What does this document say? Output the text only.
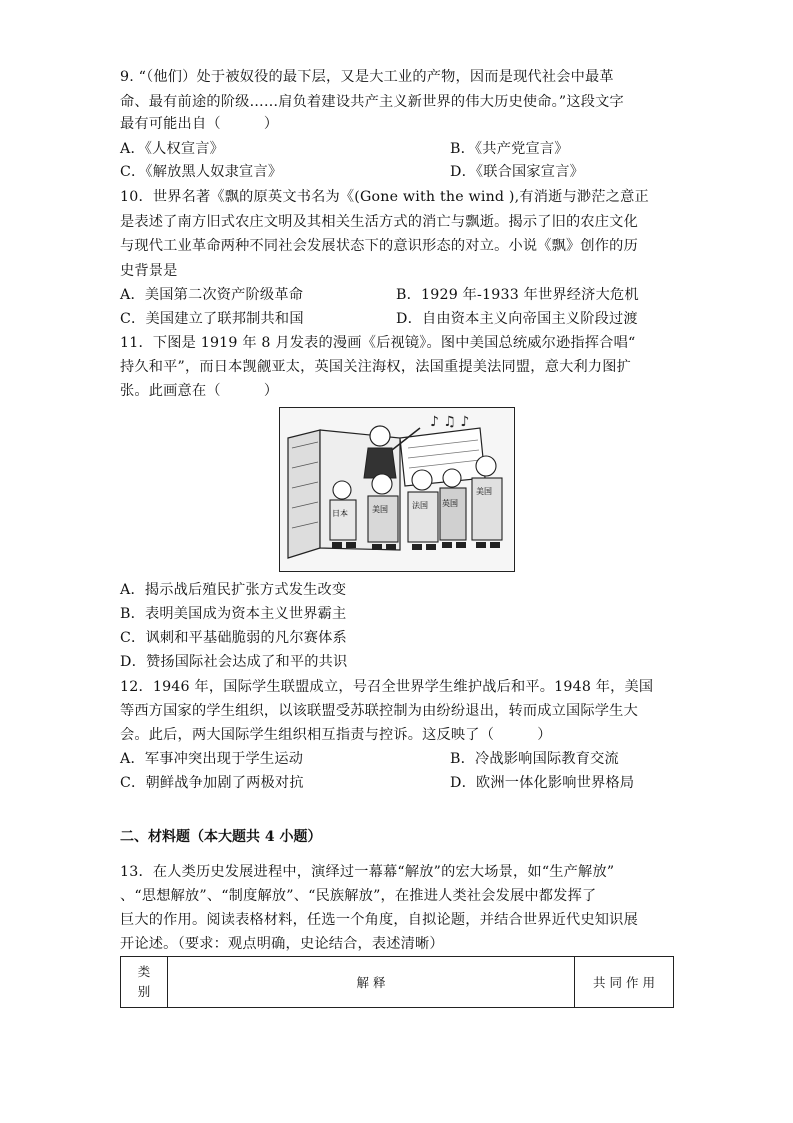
9. “（他们）处于被奴役的最下层，又是大工业的产物，因而是现代社会中最革
命、最有前途的阶级……肩负着建设共产主义新世界的伟大历史使命。”这段文字
最有可能出自（　　　）
A．《人权宣言》	B．《共产党宣言》
C．《解放黑人奴隶宣言》	D．《联合国家宣言》
10．世界名著《飘的原英文书名为《(Gone with the wind ),有消逝与渺茫之意正
是表述了南方旧式农庄文明及其相关生活方式的消亡与飘逝。揭示了旧的农庄文化
与现代工业革命两种不同社会发展状态下的意识形态的对立。小说《飘》创作的历
史背景是
A．美国第二次资产阶级革命	B．1929 年-1933 年世界经济大危机
C．美国建立了联邦制共和国	D．自由资本主义向帝国主义阶段过渡
11．下图是 1919 年 8 月发表的漫画《后视镜》。图中美国总统威尔逊指挥合唱“
持久和平”，而日本觊觎亚太，英国关注海权，法国重提美法同盟，意大利力图扩
张。此画意在（　　　）
♪ ♫ ♪
日本	美国	法国 英国
美国
A．揭示战后殖民扩张方式发生改变
B．表明美国成为资本主义世界霸主
C．讽刺和平基础脆弱的凡尔赛体系
D．赞扬国际社会达成了和平的共识
12．1946 年，国际学生联盟成立，号召全世界学生维护战后和平。1948 年，美国
等西方国家的学生组织，以该联盟受苏联控制为由纷纷退出，转而成立国际学生大
会。此后，两大国际学生组织相互指责与控诉。这反映了（　　　）
A．军事冲突出现于学生运动	B．冷战影响国际教育交流
C．朝鲜战争加剧了两极对抗	D．欧洲一体化影响世界格局
二、材料题（本大题共 4 小题）
13．在人类历史发展进程中，演绎过一幕幕“解放”的宏大场景，如“生产解放”
、“思想解放”、“制度解放”、“民族解放”，在推进人类社会发展中都发挥了
巨大的作用。阅读表格材料，任选一个角度，自拟论题，并结合世界近代史知识展
开论述。（要求：观点明确，史论结合，表述清晰）
类
别	解 释	共 同 作 用
